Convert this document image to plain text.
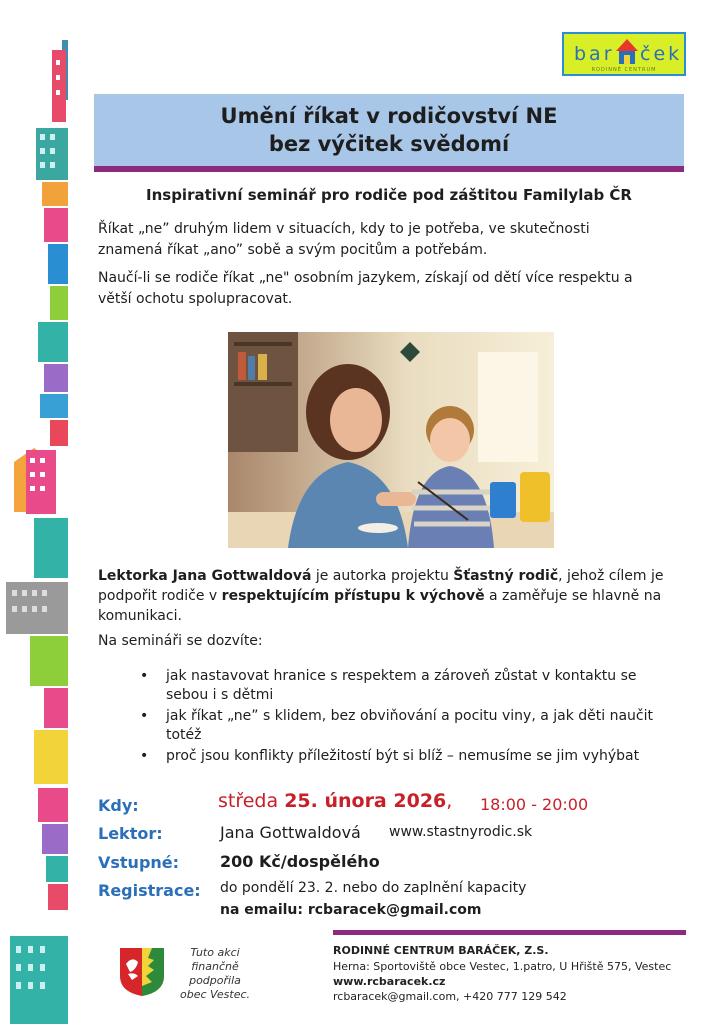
bar ček
RODINNÉ CENTRUM
Umění říkat v rodičovství NE
bez výčitek svědomí
Inspirativní seminář pro rodiče pod záštitou Familylab ČR
Říkat „ne” druhým lidem v situacích, kdy to je potřeba, ve skutečnosti
znamená říkat „ano” sobě a svým pocitům a potřebám.
Naučí-li se rodiče říkat „ne" osobním jazykem, získají od dětí více respektu a
větší ochotu spolupracovat.
Lektorka Jana Gottwaldová je autorka projektu Šťastný rodič, jehož cílem je
podpořit rodiče v respektujícím přístupu k výchově a zaměřuje se hlavně na
komunikaci.
Na semináři se dozvíte:
• jak nastavovat hranice s respektem a zároveň zůstat v kontaktu se
sebou i s dětmi
• jak říkat „ne” s klidem, bez obviňování a pocitu viny, a jak děti naučit
totéž
• proč jsou konflikty příležitostí být si blíž – nemusíme se jim vyhýbat
Kdy:	středa 25. února 2026, 18:00 - 20:00
Lektor:	Jana Gottwaldová www.stastnyrodic.sk
Vstupné:	200 Kč/dospělého
Registrace: do pondělí 23. 2. nebo do zaplnění kapacity
na emailu: rcbaracek@gmail.com
Tuto akci
finančně
podpořila
obec Vestec.
RODINNÉ CENTRUM BARÁČEK, Z.S.
Herna: Sportoviště obce Vestec, 1.patro, U Hřiště 575, Vestec
www.rcbaracek.cz
rcbaracek@gmail.com, +420 777 129 542
